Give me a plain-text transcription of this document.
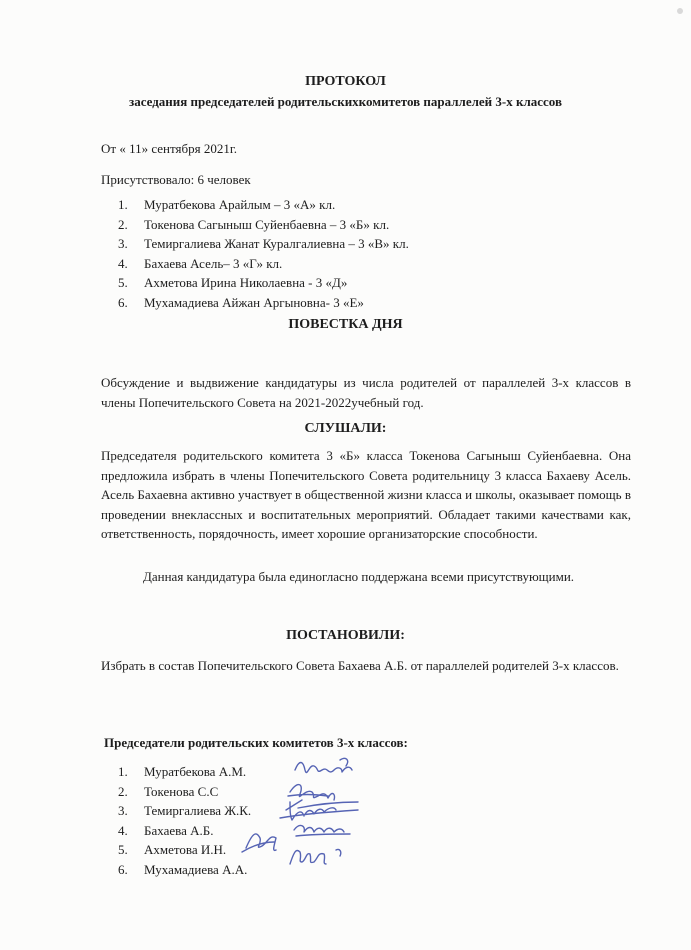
ПРОТОКОЛ
заседания председателей родительскихкомитетов параллелей 3-х классов
От « 11» сентября 2021г.
Присутствовало: 6 человек
1. Муратбекова Арайлым – 3 «А» кл.
2. Токенова Сагыныш Суйенбаевна – 3 «Б» кл.
3. Темиргалиева Жанат Куралгалиевна – 3 «В» кл.
4. Бахаева Асель– 3 «Г» кл.
5. Ахметова Ирина Николаевна - 3 «Д»
6. Мухамадиева Айжан Аргыновна- 3 «Е»
ПОВЕСТКА ДНЯ
Обсуждение и выдвижение кандидатуры из числа родителей от параллелей 3-х классов в члены Попечительского Совета на 2021-2022учебный год.
СЛУШАЛИ:
Председателя родительского комитета 3 «Б» класса Токенова Сагыныш Суйенбаевна. Она предложила избрать в члены Попечительского Совета родительницу 3 класса Бахаеву Асель. Асель Бахаевна активно участвует в общественной жизни класса и школы, оказывает помощь в проведении внеклассных и воспитательных мероприятий. Обладает такими качествами как, ответственность, порядочность, имеет хорошие организаторские способности.
Данная кандидатура была единогласно поддержана всеми присутствующими.
ПОСТАНОВИЛИ:
Избрать в состав Попечительского Совета Бахаева А.Б. от параллелей родителей 3-х классов.
Председатели родительских комитетов 3-х классов:
1. Муратбекова А.М.
2. Токенова С.С
3. Темиргалиева Ж.К.
4. Бахаева А.Б.
5. Ахметова И.Н.
6. Мухамадиева А.А.
